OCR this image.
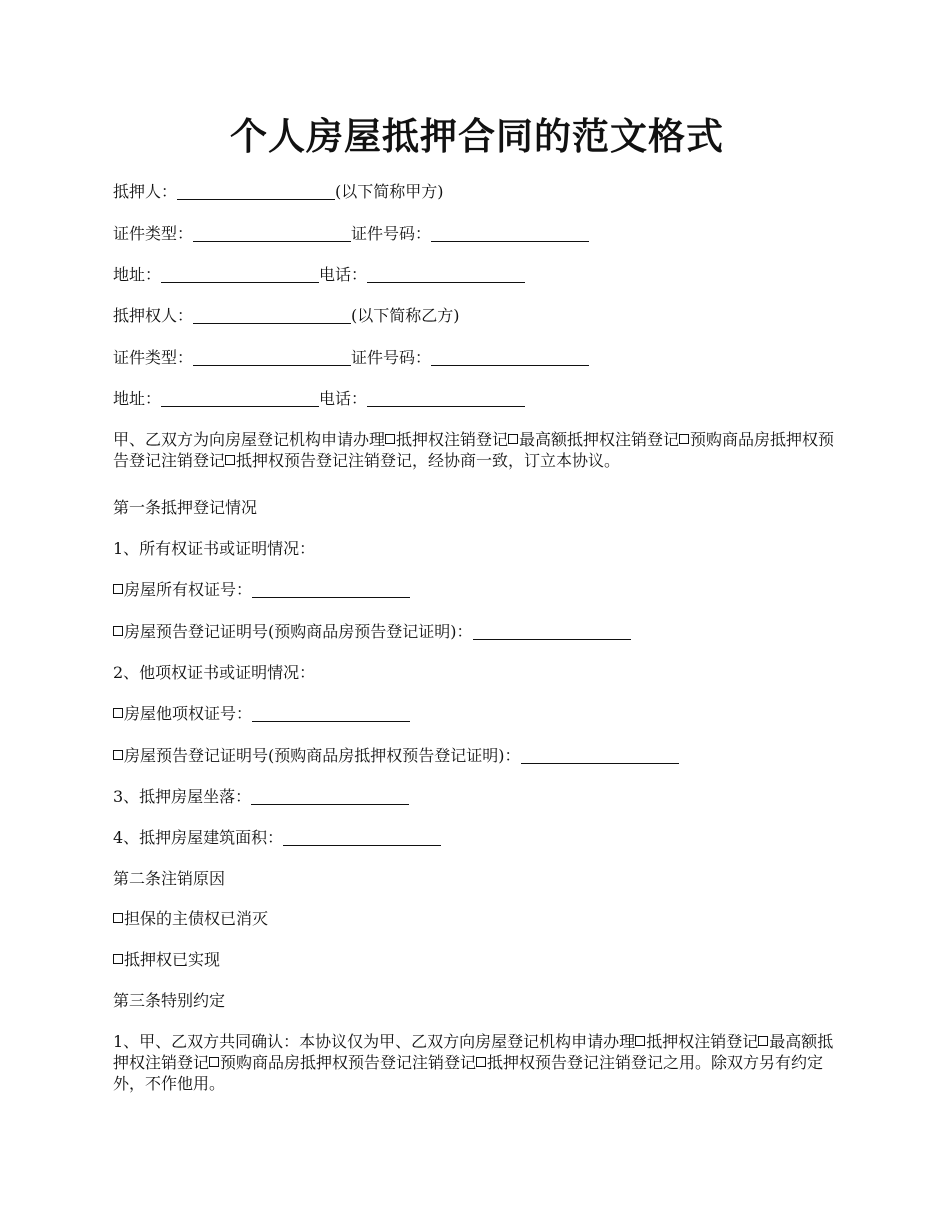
个人房屋抵押合同的范文格式
抵押人：	(以下简称甲方)
证件类型：	证件号码：
地址：	电话：
抵押权人：	(以下简称乙方)
证件类型：	证件号码：
地址：	电话：
甲、乙双方为向房屋登记机构申请办理 抵押权注销登记 最高额抵押权注销登记 预购商品房抵押权预告登记注销登记 抵押权预告登记注销登记，经协商一致，订立本协议。
第一条抵押登记情况
1、所有权证书或证明情况：
房屋所有权证号：
房屋预告登记证明号(预购商品房预告登记证明)：
2、他项权证书或证明情况：
房屋他项权证号：
房屋预告登记证明号(预购商品房抵押权预告登记证明)：
3、抵押房屋坐落：
4、抵押房屋建筑面积：
第二条注销原因
担保的主债权已消灭
抵押权已实现
第三条特别约定
1、甲、乙双方共同确认：本协议仅为甲、乙双方向房屋登记机构申请办理 抵押权注销登记 最高额抵押权注销登记 预购商品房抵押权预告登记注销登记 抵押权预告登记注销登记之用。除双方另有约定外，不作他用。
